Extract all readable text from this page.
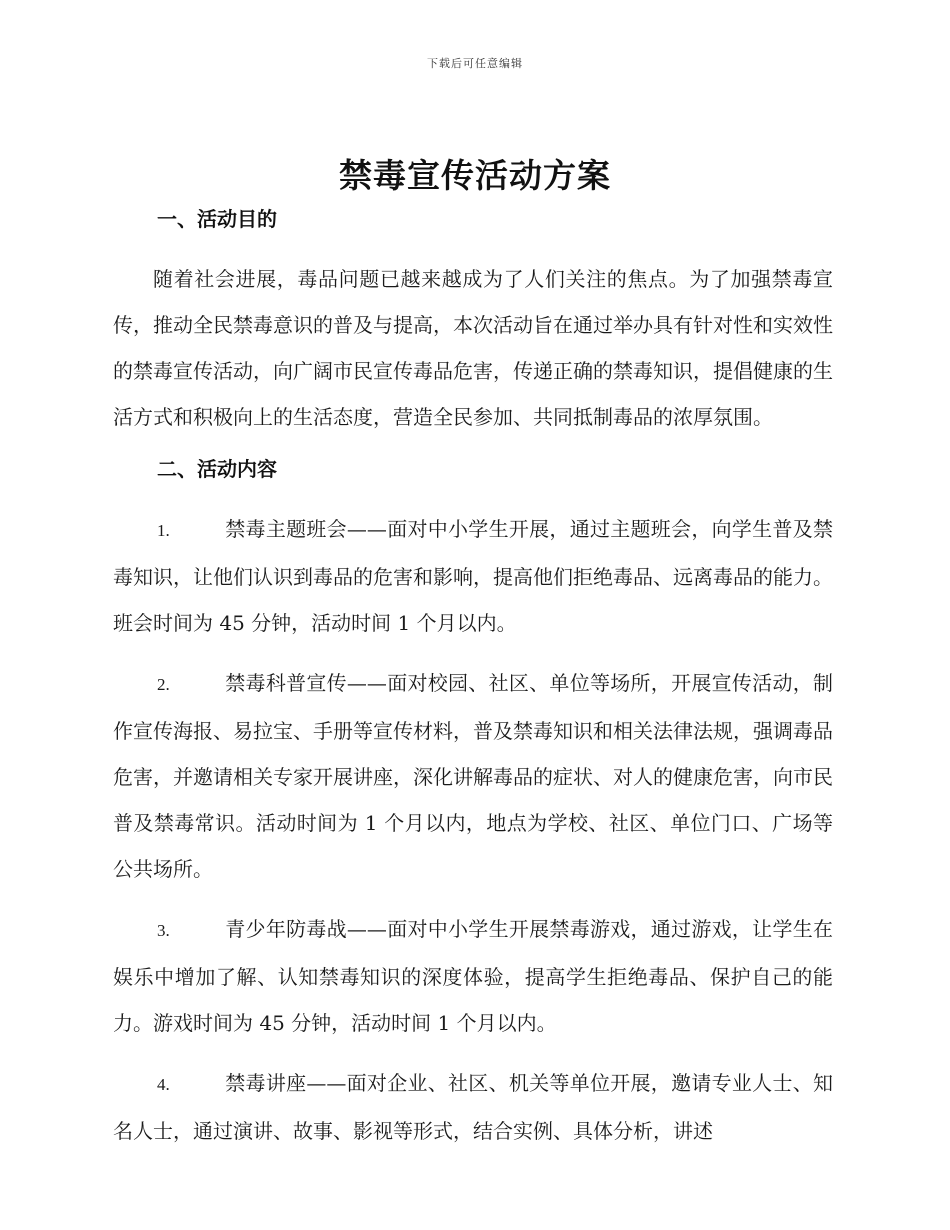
下载后可任意编辑
禁毒宣传活动方案
一、活动目的

随着社会进展，毒品问题已越来越成为了人们关注的焦点。为了加强禁毒宣传，推动全民禁毒意识的普及与提高，本次活动旨在通过举办具有针对性和实效性的禁毒宣传活动，向广阔市民宣传毒品危害，传递正确的禁毒知识，提倡健康的生活方式和积极向上的生活态度，营造全民参加、共同抵制毒品的浓厚氛围。

二、活动内容

1.	禁毒主题班会——面对中小学生开展，通过主题班会，向学生普及禁毒知识，让他们认识到毒品的危害和影响，提高他们拒绝毒品、远离毒品的能力。班会时间为 45 分钟，活动时间 1 个月以内。

2.	禁毒科普宣传——面对校园、社区、单位等场所，开展宣传活动，制作宣传海报、易拉宝、手册等宣传材料，普及禁毒知识和相关法律法规，强调毒品危害，并邀请相关专家开展讲座，深化讲解毒品的症状、对人的健康危害，向市民普及禁毒常识。活动时间为 1 个月以内，地点为学校、社区、单位门口、广场等公共场所。

3.	青少年防毒战——面对中小学生开展禁毒游戏，通过游戏，让学生在娱乐中增加了解、认知禁毒知识的深度体验，提高学生拒绝毒品、保护自己的能力。游戏时间为 45 分钟，活动时间 1 个月以内。

4.	禁毒讲座——面对企业、社区、机关等单位开展，邀请专业人士、知名人士，通过演讲、故事、影视等形式，结合实例、具体分析，讲述
